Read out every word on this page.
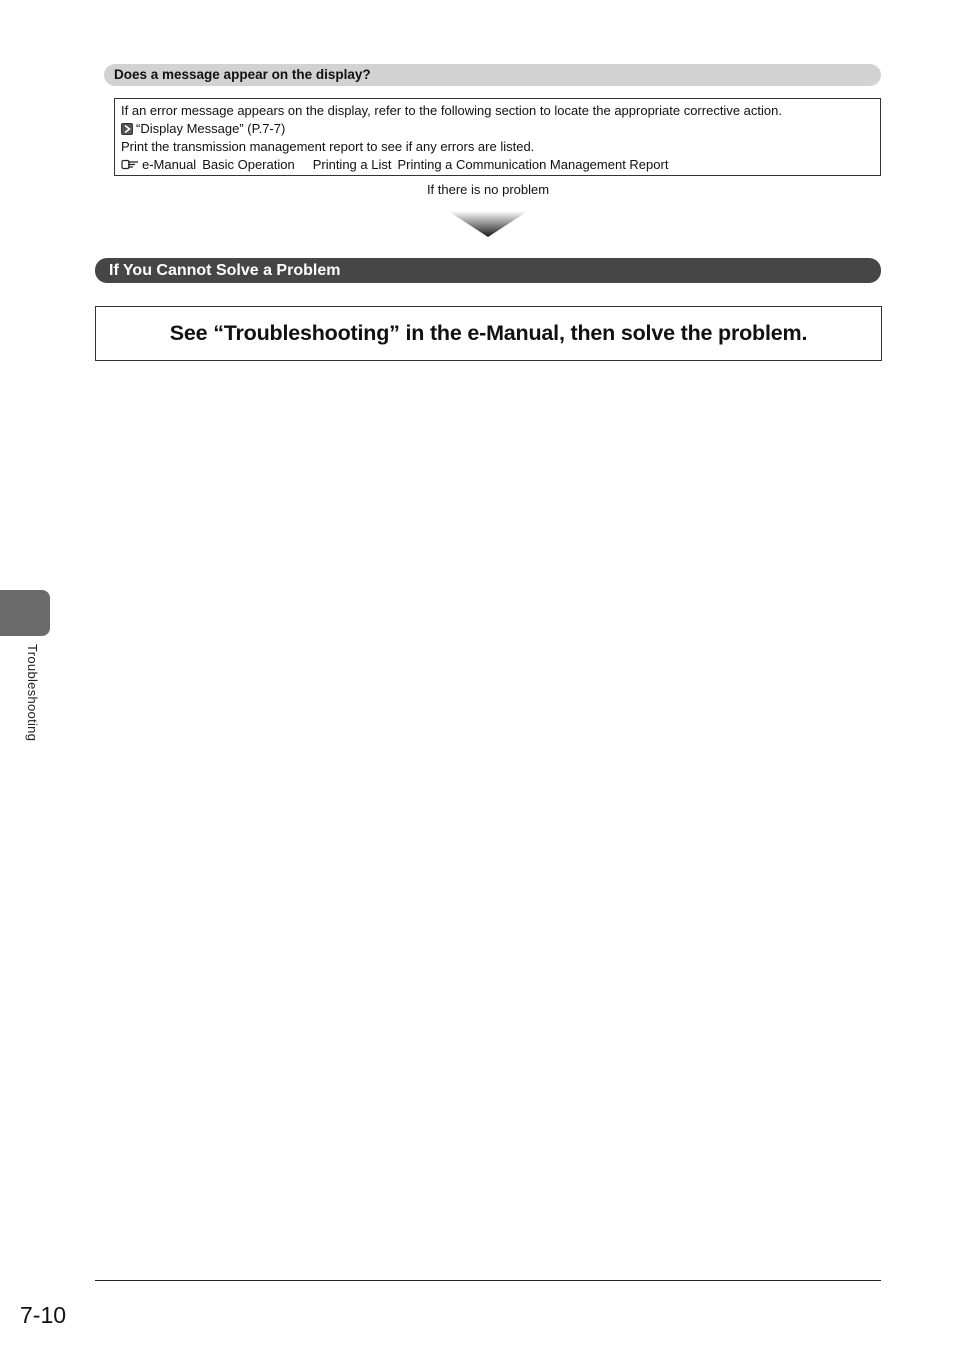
Does a message appear on the display?
If an error message appears on the display, refer to the following section to locate the appropriate corrective action.
“Display Message” (P.7-7)
Print the transmission management report to see if any errors are listed.
e-Manual Basic Operation Printing a List Printing a Communication Management Report
If there is no problem
If You Cannot Solve a Problem
See “Troubleshooting” in the e-Manual, then solve the problem.
Troubleshooting
7-10
